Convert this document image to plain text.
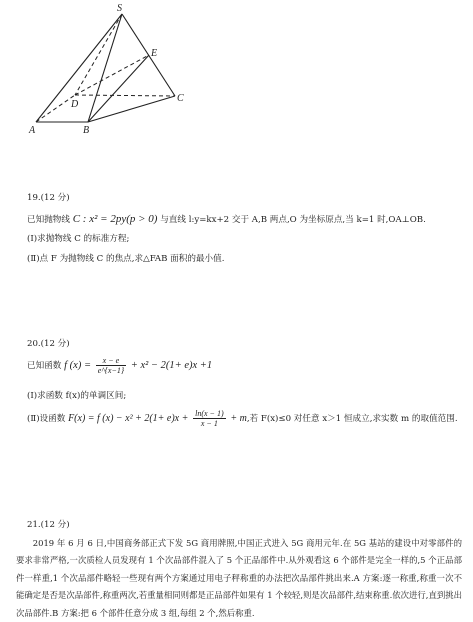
S
E
D
C
A	B
19.(12 分)
已知抛物线 C : x² = 2py(p > 0) 与直线 l:y=kx+2 交于 A,B 两点,O 为坐标原点,当 k=1 时,OA⊥OB.
(Ⅰ)求抛物线 C 的标准方程;
(Ⅱ)点 F 为抛物线 C 的焦点,求△FAB 面积的最小值.
20.(12 分)
已知函数 f $(x) = \frac{x - e}{e\^{}\{x-1\}} + x^2 - 2(1+ e)x +1$
(Ⅰ)求函数 f(x)的单调区间;
(Ⅱ)设函数 F(x) = f $(x) - x^2 + 2(1+ e)x + \frac{\ln(x - 1)}{x - 1} + m$,若 F(x)≤0 对任意 x＞1 恒成立,求实数 m 的取值范围.
21.(12 分)
2019 年 6 月 6 日,中国商务部正式下发 5G 商用牌照,中国正式进入 5G 商用元年.在 5G 基站的建设中对零部件的要求非常严格,一次质检人员发现有 1 个次品部件混入了 5 个正品部件中.从外观看这 6 个部件是完全一样的,5 个正品部件一样重,1 个次品部件略轻一些现有两个方案通过用电子秤称重的办法把次品部件挑出来.A 方案:逐一称重,称重一次不能确定是否是次品部件,称重两次,若重量相同则都是正品部件如果有 1 个较轻,则是次品部件,结束称重.依次进行,直到挑出次品部件.B 方案:把 6 个部件任意分成 3 组,每组 2 个,然后称重.
